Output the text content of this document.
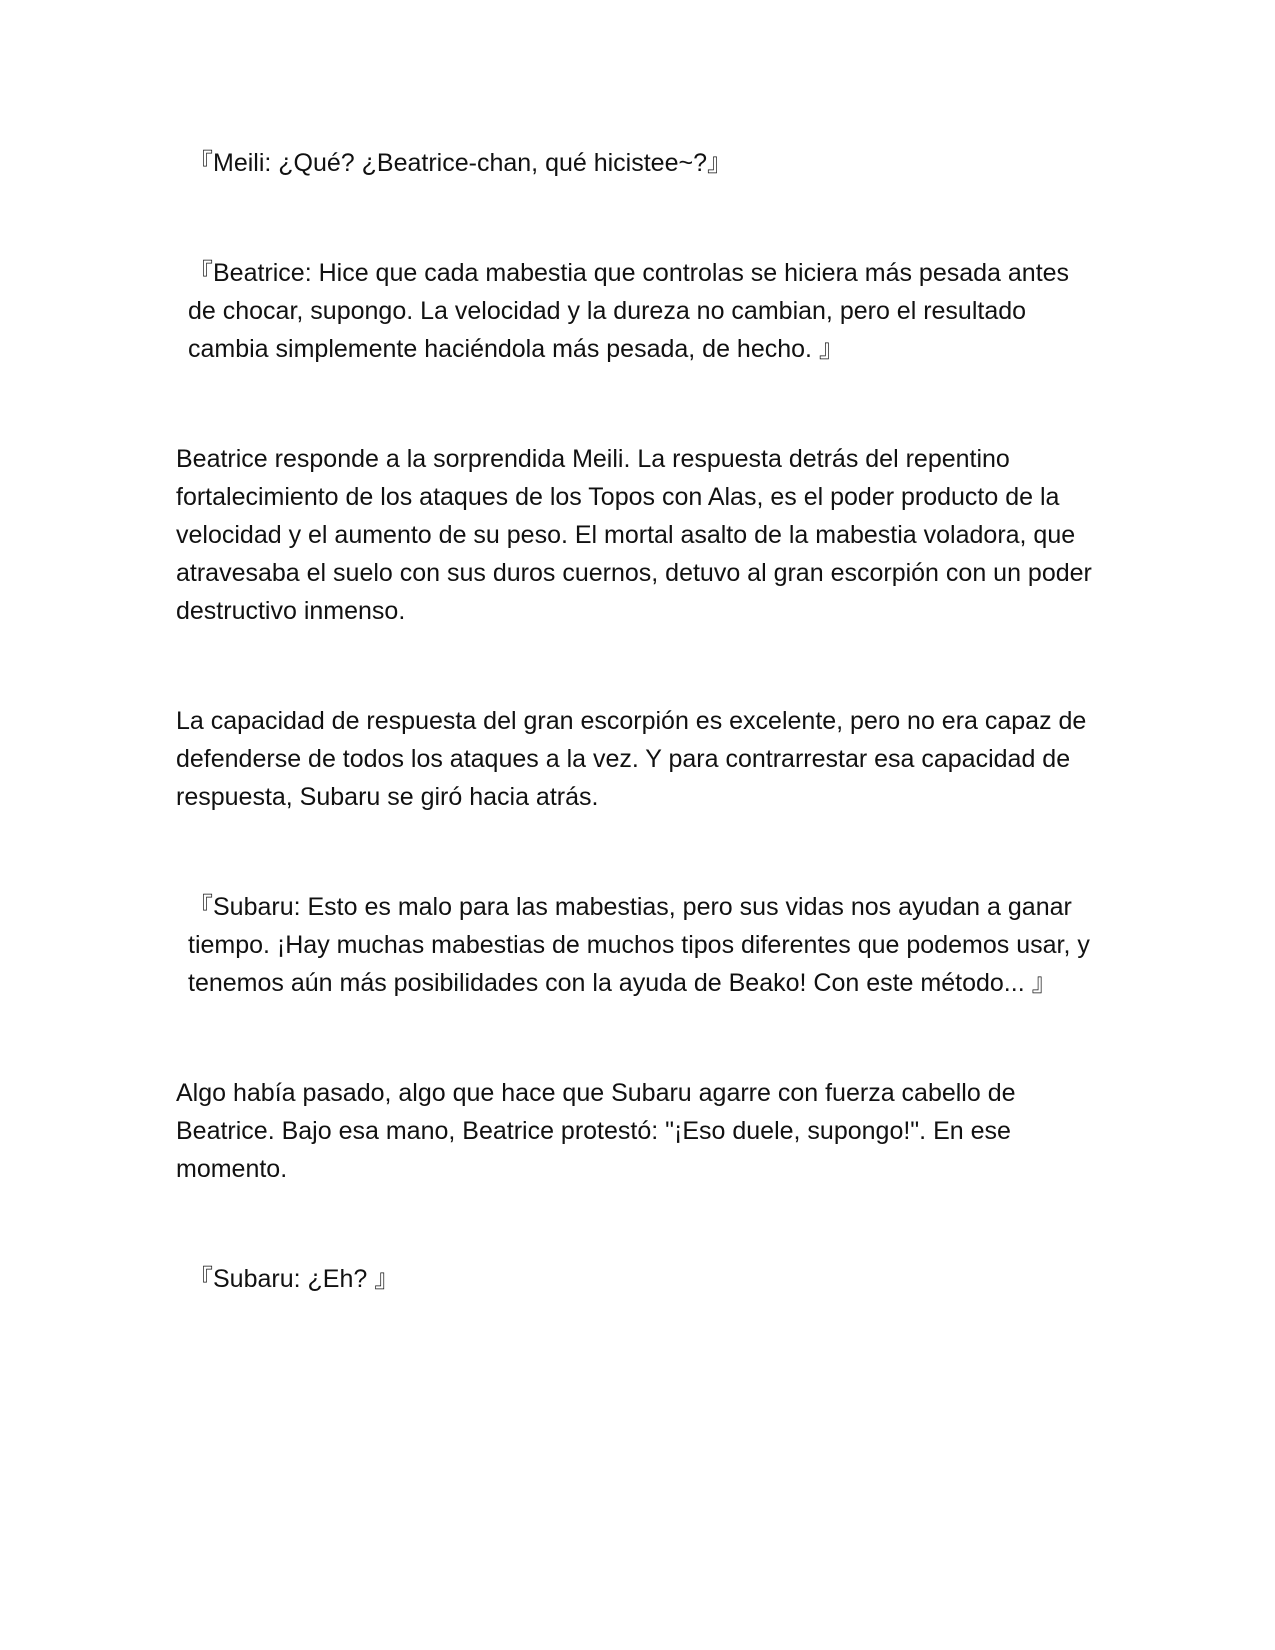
『Meili: ¿Qué? ¿Beatrice-chan, qué hicistee~?』

『Beatrice: Hice que cada mabestia que controlas se hiciera más pesada antes de chocar, supongo. La velocidad y la dureza no cambian, pero el resultado cambia simplemente haciéndola más pesada, de hecho. 』

Beatrice responde a la sorprendida Meili. La respuesta detrás del repentino fortalecimiento de los ataques de los Topos con Alas, es el poder producto de la velocidad y el aumento de su peso. El mortal asalto de la mabestia voladora, que atravesaba el suelo con sus duros cuernos, detuvo al gran escorpión con un poder destructivo inmenso.

La capacidad de respuesta del gran escorpión es excelente, pero no era capaz de defenderse de todos los ataques a la vez. Y para contrarrestar esa capacidad de respuesta, Subaru se giró hacia atrás.

『Subaru: Esto es malo para las mabestias, pero sus vidas nos ayudan a ganar tiempo. ¡Hay muchas mabestias de muchos tipos diferentes que podemos usar, y tenemos aún más posibilidades con la ayuda de Beako! Con este método... 』

Algo había pasado, algo que hace que Subaru agarre con fuerza cabello de Beatrice. Bajo esa mano, Beatrice protestó: "¡Eso duele, supongo!". En ese momento.

『Subaru: ¿Eh? 』
